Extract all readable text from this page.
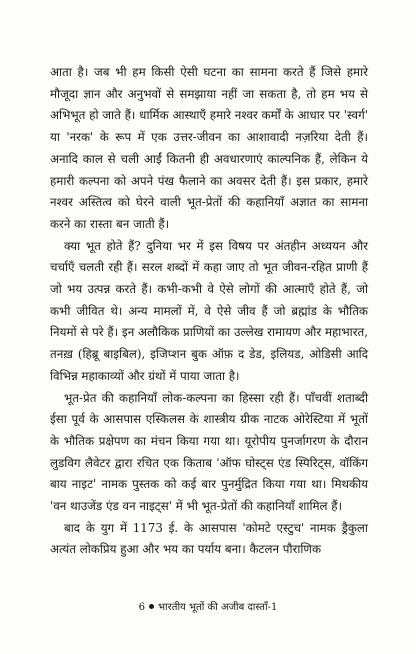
आता है। जब भी हम किसी ऐसी घटना का सामना करते हैं जिसे हमारे मौजूदा ज्ञान और अनुभवों से समझाया नहीं जा सकता है, तो हम भय से अभिभूत हो जाते हैं। धार्मिक आस्थाएँ हमारे नश्वर कर्मों के आधार पर 'स्वर्ग' या 'नरक' के रूप में एक उत्तर-जीवन का आशावादी नज़रिया देती हैं। अनादि काल से चली आईं कितनी ही अवधारणाएं काल्पनिक हैं, लेकिन ये हमारी कल्पना को अपने पंख फैलाने का अवसर देती हैं। इस प्रकार, हमारे नश्वर अस्तित्व को घेरने वाली भूत-प्रेतों की कहानियाँ अज्ञात का सामना करने का रास्ता बन जाती हैं।

क्या भूत होते हैं? दुनिया भर में इस विषय पर अंतहीन अध्ययन और चर्चाएँ चलती रही हैं। सरल शब्दों में कहा जाए तो भूत जीवन-रहित प्राणी हैं जो भय उत्पन्न करते हैं। कभी-कभी वे ऐसे लोगों की आत्माएँ होते हैं, जो कभी जीवित थे। अन्य मामलों में, वे ऐसे जीव हैं जो ब्रह्मांड के भौतिक नियमों से परे हैं। इन अलौकिक प्राणियों का उल्लेख रामायण और महाभारत, तनख़ (हिब्रू बाइबिल), इजिप्शन बुक ऑफ़ द डेड, इलियड, ओडिसी आदि विभिन्न महाकाव्यों और ग्रंथों में पाया जाता है।

भूत-प्रेत की कहानियाँ लोक-कल्पना का हिस्सा रही हैं। पाँचवीं शताब्दी ईसा पूर्व के आसपास एस्किलस के शास्त्रीय ग्रीक नाटक ओरेस्टिया में भूतों के भौतिक प्रक्षेपण का मंचन किया गया था। यूरोपीय पुनर्जागरण के दौरान लुडविग लैवेटर द्वारा रचित एक किताब 'ऑफ घोस्ट्स एंड स्पिरिट्स, वॉकिंग बाय नाइट' नामक पुस्तक को कई बार पुनर्मुद्रित किया गया था। मिथकीय 'वन थाउजेंड एंड वन नाइट्स' में भी भूत-प्रेतों की कहानियाँ शामिल हैं।

बाद के युग में 1173 ई. के आसपास 'कोमटे एस्टुच' नामक ड्रैकुला अत्यंत लोकप्रिय हुआ और भय का पर्याय बना। कैटलन पौराणिक

6 भारतीय भूतों की अजीब दास्ताँ-1
